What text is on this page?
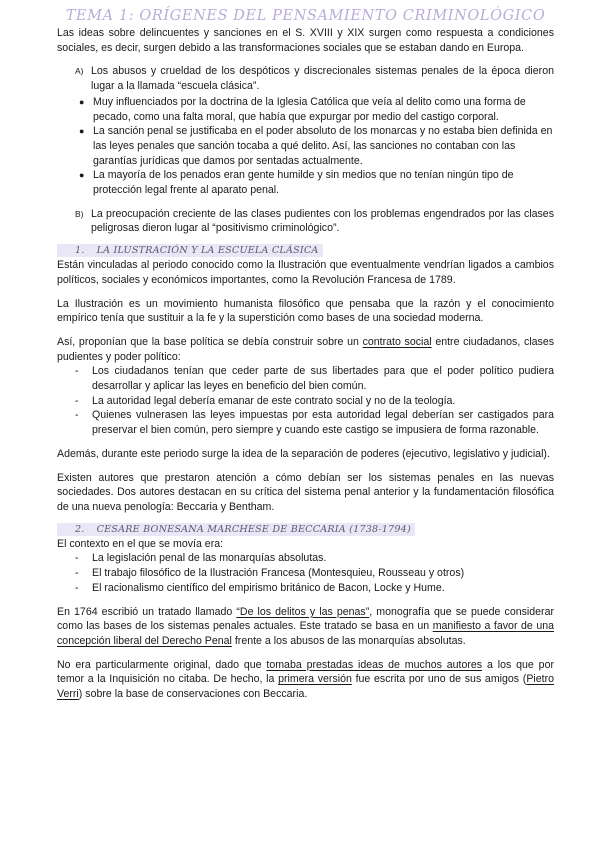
TEMA 1: ORÍGENES DEL PENSAMIENTO CRIMINOLÓGICO

Las ideas sobre delincuentes y sanciones en el S. XVIII y XIX surgen como respuesta a condiciones sociales, es decir, surgen debido a las transformaciones sociales que se estaban dando en Europa.

A) Los abusos y crueldad de los despóticos y discrecionales sistemas penales de la época dieron lugar a la llamada “escuela clásica”.

● Muy influenciados por la doctrina de la Iglesia Católica que veía al delito como una forma de pecado, como una falta moral, que había que expurgar por medio del castigo corporal.
● La sanción penal se justificaba en el poder absoluto de los monarcas y no estaba bien definida en las leyes penales que sanción tocaba a qué delito. Así, las sanciones no contaban con las garantías jurídicas que damos por sentadas actualmente.
● La mayoría de los penados eran gente humilde y sin medios que no tenían ningún tipo de protección legal frente al aparato penal.
B) La preocupación creciente de las clases pudientes con los problemas engendrados por las clases peligrosas dieron lugar al “positivismo criminológico”.

1. LA ILUSTRACIÓN Y LA ESCUELA CLÁSICA

Están vinculadas al periodo conocido como la Ilustración que eventualmente vendrían ligados a cambios políticos, sociales y económicos importantes, como la Revolución Francesa de 1789.

La Ilustración es un movimiento humanista filosófico que pensaba que la razón y el conocimiento empírico tenía que sustituir a la fe y la superstición como bases de una sociedad moderna.

Así, proponían que la base política se debía construir sobre un contrato social entre ciudadanos, clases pudientes y poder político:

-	Los ciudadanos tenían que ceder parte de sus libertades para que el poder político pudiera desarrollar y aplicar las leyes en beneficio del bien común.
-	La autoridad legal debería emanar de este contrato social y no de la teología.
-	Quienes vulnerasen las leyes impuestas por esta autoridad legal deberían ser castigados para preservar el bien común, pero siempre y cuando este castigo se impusiera de forma razonable.

Además, durante este periodo surge la idea de la separación de poderes (ejecutivo, legislativo y judicial).

Existen autores que prestaron atención a cómo debían ser los sistemas penales en las nuevas sociedades. Dos autores destacan en su crítica del sistema penal anterior y la fundamentación filosófica de una nueva penología: Beccaria y Bentham.

2. CESARE BONESANA MARCHESE DE BECCARIA (1738-1794)

El contexto en el que se movía era:

-	La legislación penal de las monarquías absolutas.
-	El trabajo filosófico de la Ilustración Francesa (Montesquieu, Rousseau y otros)
-	El racionalismo científico del empirismo británico de Bacon, Locke y Hume.

En 1764 escribió un tratado llamado “De los delitos y las penas”, monografía que se puede considerar como las bases de los sistemas penales actuales. Este tratado se basa en un manifiesto a favor de una concepción liberal del Derecho Penal frente a los abusos de las monarquías absolutas.

No era particularmente original, dado que tomaba prestadas ideas de muchos autores a los que por temor a la Inquisición no citaba. De hecho, la primera versión fue escrita por uno de sus amigos (Pietro Verri) sobre la base de conservaciones con Beccaria.
